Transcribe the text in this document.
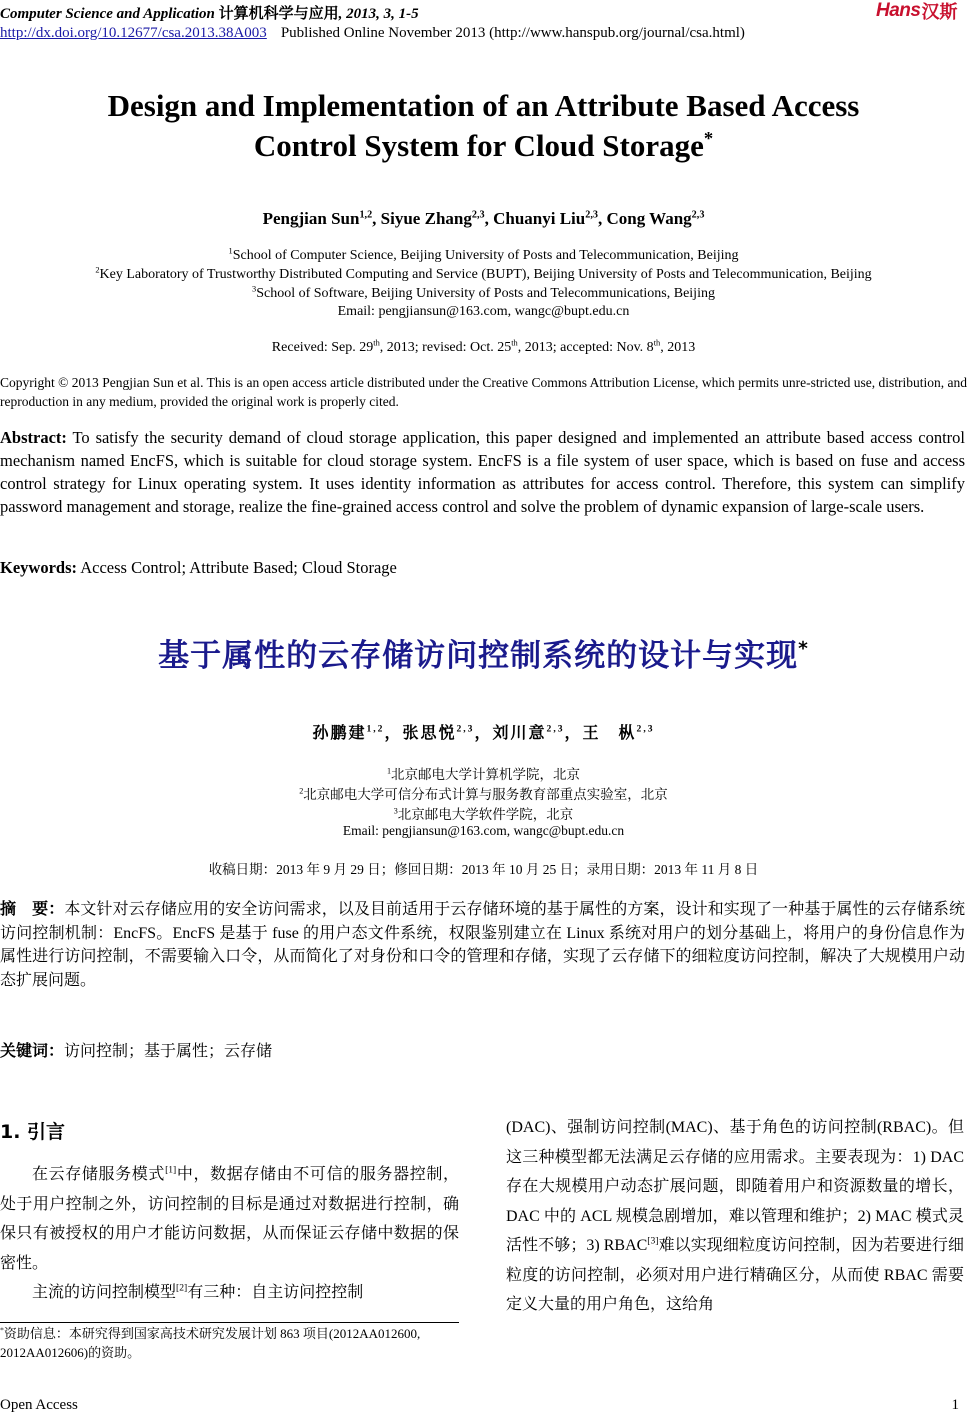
Computer Science and Application 计算机科学与应用, 2013, 3, 1-5	Hans 汉斯
http://dx.doi.org/10.12677/csa.2013.38A003 Published Online November 2013 (http://www.hanspub.org/journal/csa.html)
Design and Implementation of an Attribute Based Access
Control System for Cloud Storage*
Pengjian Sun$^{1,2}$, Siyue Zhang$^{2,3}$, Chuanyi Liu$^{2,3}$, Cong Wang$^{2,3}$
$^1$School of Computer Science, Beijing University of Posts and Telecommunication, Beijing
$^2$Key Laboratory of Trustworthy Distributed Computing and Service (BUPT), Beijing University of Posts and Telecommunication, Beijing
$^3$School of Software, Beijing University of Posts and Telecommunications, Beijing
Email: pengjiansun@163.com, wangc@bupt.edu.cn
Received: Sep. 29th, 2013; revised: Oct. 25th, 2013; accepted: Nov. 8th, 2013
Copyright © 2013 Pengjian Sun et al. This is an open access article distributed under the Creative Commons Attribution License, which permits unre-stricted use, distribution, and reproduction in any medium, provided the original work is properly cited.
Abstract: To satisfy the security demand of cloud storage application, this paper designed and implemented an attribute based access control mechanism named EncFS, which is suitable for cloud storage system. EncFS is a file system of user space, which is based on fuse and access control strategy for Linux operating system. It uses identity information as attributes for access control. Therefore, this system can simplify password management and storage, realize the fine-grained access control and solve the problem of dynamic expansion of large-scale users.
Keywords: Access Control; Attribute Based; Cloud Storage
基于属性的云存储访问控制系统的设计与实现*
孙鹏建$^{1,2}$，张思悦$^{2,3}$，刘川意$^{2,3}$，王　枞$^{2,3}$
$^1$北京邮电大学计算机学院，北京
$^2$北京邮电大学可信分布式计算与服务教育部重点实验室，北京
$^3$北京邮电大学软件学院，北京
Email: pengjiansun@163.com, wangc@bupt.edu.cn
收稿日期：2013 年 9 月 29 日；修回日期：2013 年 10 月 25 日；录用日期：2013 年 11 月 8 日
摘　要：本文针对云存储应用的安全访问需求，以及目前适用于云存储环境的基于属性的方案，设计和实现了一种基于属性的云存储系统访问控制机制：EncFS。EncFS 是基于 fuse 的用户态文件系统，权限鉴别建立在 Linux 系统对用户的划分基础上，将用户的身份信息作为属性进行访问控制，不需要输入口令，从而简化了对身份和口令的管理和存储，实现了云存储下的细粒度访问控制，解决了大规模用户动态扩展问题。
关键词：访问控制；基于属性；云存储
1. 引言

在云存储服务模式[1]中，数据存储由不可信的服务器控制，处于用户控制之外，访问控制的目标是通过对数据进行控制，确保只有被授权的用户才能访问数据，从而保证云存储中数据的保密性。

主流的访问控制模型[2]有三种：自主访问控控制

(DAC)、强制访问控制(MAC)、基于角色的访问控制(RBAC)。但这三种模型都无法满足云存储的应用需求。主要表现为：1) DAC 存在大规模用户动态扩展问题，即随着用户和资源数量的增长，DAC 中的 ACL 规模急剧增加，难以管理和维护；2) MAC 模式灵活性不够；3) RBAC[3]难以实现细粒度访问控制，因为若要进行细粒度的访问控制，必须对用户进行精确区分，从而使 RBAC 需要定义大量的用户角色，这给角

*资助信息：本研究得到国家高技术研究发展计划 863 项目(2012AA012600, 2012AA012606)的资助。
Open Access	1
